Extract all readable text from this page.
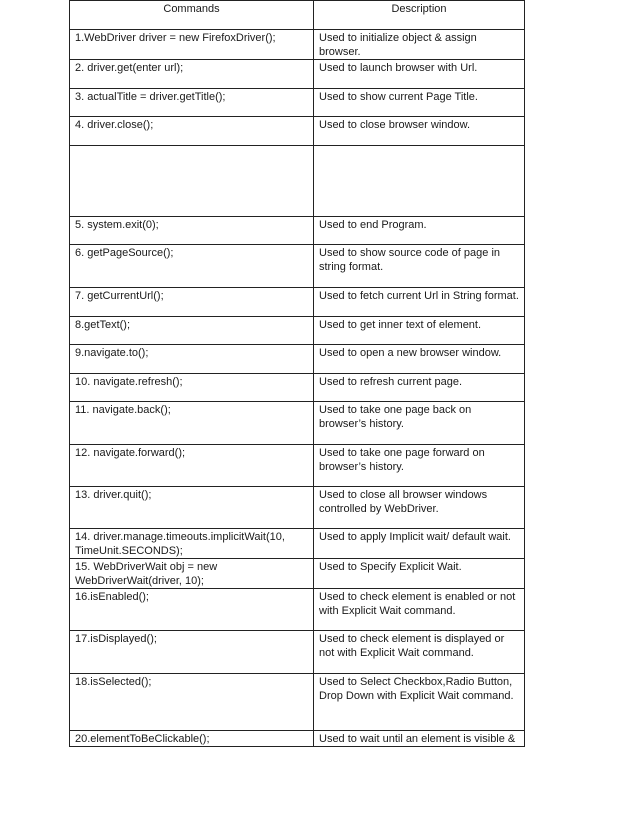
Commands	Description
1.WebDriver driver = new FirefoxDriver();	Used to initialize object & assign browser.
2. driver.get(enter url);	Used to launch browser with Url.
3. actualTitle = driver.getTitle();	Used to show current Page Title.
4. driver.close();	Used to close browser window.

5. system.exit(0);	Used to end Program.
6. getPageSource();	Used to show source code of page in string format.
7. getCurrentUrl();	Used to fetch current Url in String format.
8.getText();	Used to get inner text of element.
9.navigate.to();	Used to open a new browser window.
10. navigate.refresh();	Used to refresh current page.
11. navigate.back();	Used to take one page back on browser’s history.
12. navigate.forward();	Used to take one page forward on browser’s history.
13. driver.quit();	Used to close all browser windows controlled by WebDriver.
14. driver.manage.timeouts.implicitWait(10, TimeUnit.SECONDS);	Used to apply Implicit wait/ default wait.
15. WebDriverWait obj = new WebDriverWait(driver, 10);	Used to Specify Explicit Wait.
16.isEnabled();	Used to check element is enabled or not with Explicit Wait command.
17.isDisplayed();	Used to check element is displayed or not with Explicit Wait command.
18.isSelected();	Used to Select Checkbox,Radio Button, Drop Down with Explicit Wait command.
20.elementToBeClickable();	Used to wait until an element is visible &
